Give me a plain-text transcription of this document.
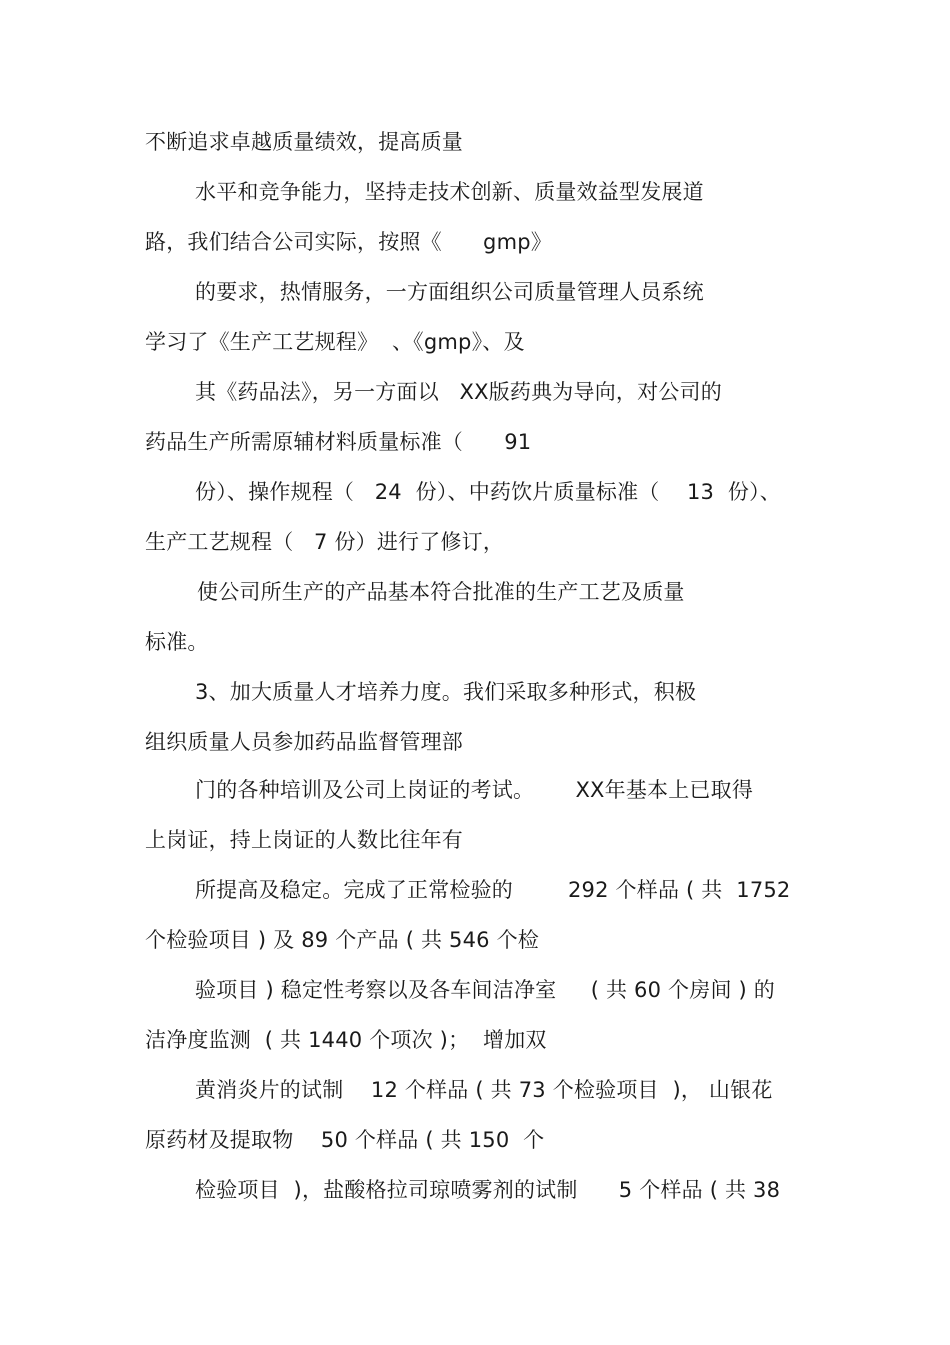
不断追求卓越质量绩效，提高质量
水平和竞争能力，坚持走技术创新、质量效益型发展道
路，我们结合公司实际，按照《      gmp》
的要求，热情服务，一方面组织公司质量管理人员系统
学习了《生产工艺规程》  、《gmp》、及
其《药品法》，另一方面以   XX版药典为导向，对公司的
药品生产所需原辅材料质量标准（      91
份）、操作规程（   24  份）、中药饮片质量标准（    13  份）、
生产工艺规程（   7 份）进行了修订，
使公司所生产的产品基本符合批准的生产工艺及质量
标准。
3、加大质量人才培养力度。我们采取多种形式，积极
组织质量人员参加药品监督管理部
门的各种培训及公司上岗证的考试。      XX年基本上已取得
上岗证，持上岗证的人数比往年有
所提高及稳定。完成了正常检验的        292 个样品 ( 共  1752
个检验项目 ) 及 89 个产品 ( 共 546 个检
验项目 ) 稳定性考察以及各车间洁净室     ( 共 60 个房间 ) 的
洁净度监测  ( 共 1440 个项次 )；  增加双
黄消炎片的试制    12 个样品 ( 共 73 个检验项目  )， 山银花
原药材及提取物    50 个样品 ( 共 150  个
检验项目  )，盐酸格拉司琼喷雾剂的试制      5 个样品 ( 共 38
